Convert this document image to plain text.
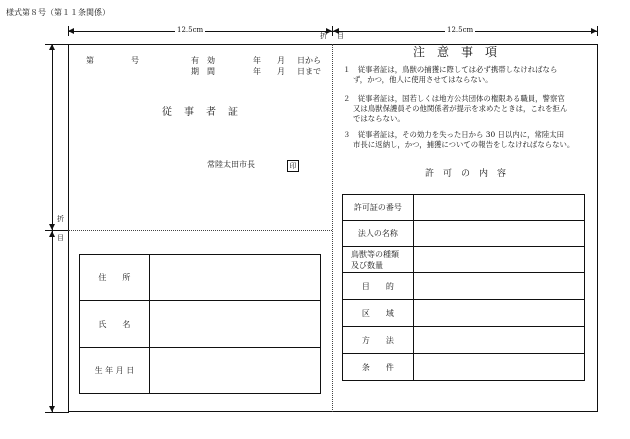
様式第８号（第１１条関係）
12.5cm
折 目
12.5cm
折
目
第	号	有　効
期　間
年 月 日から
年 月 日まで
従　事　者　証
常陸太田市長	印
注　意　事　項
１　従事者証は，鳥獣の捕獲に際しては必ず携帯しなければなら
ず，かつ，他人に使用させてはならない。
２　従事者証は，国若しくは地方公共団体の権限ある職員，警察官
又は鳥獣保護員その他関係者が提示を求めたときは，これを拒ん
ではならない。
３　従事者証は，その効力を失った日から 30 日以内に，常陸太田
市長に返納し，かつ，捕獲についての報告をしなければならない。
許　可　の　内　容
許可証の番号	
法人の名称	

鳥獣等の種類
及び数量	

目　　的	
区　　域	
方　　法	
条　　件	
住　　所	
氏　　名	
生 年 月 日	
